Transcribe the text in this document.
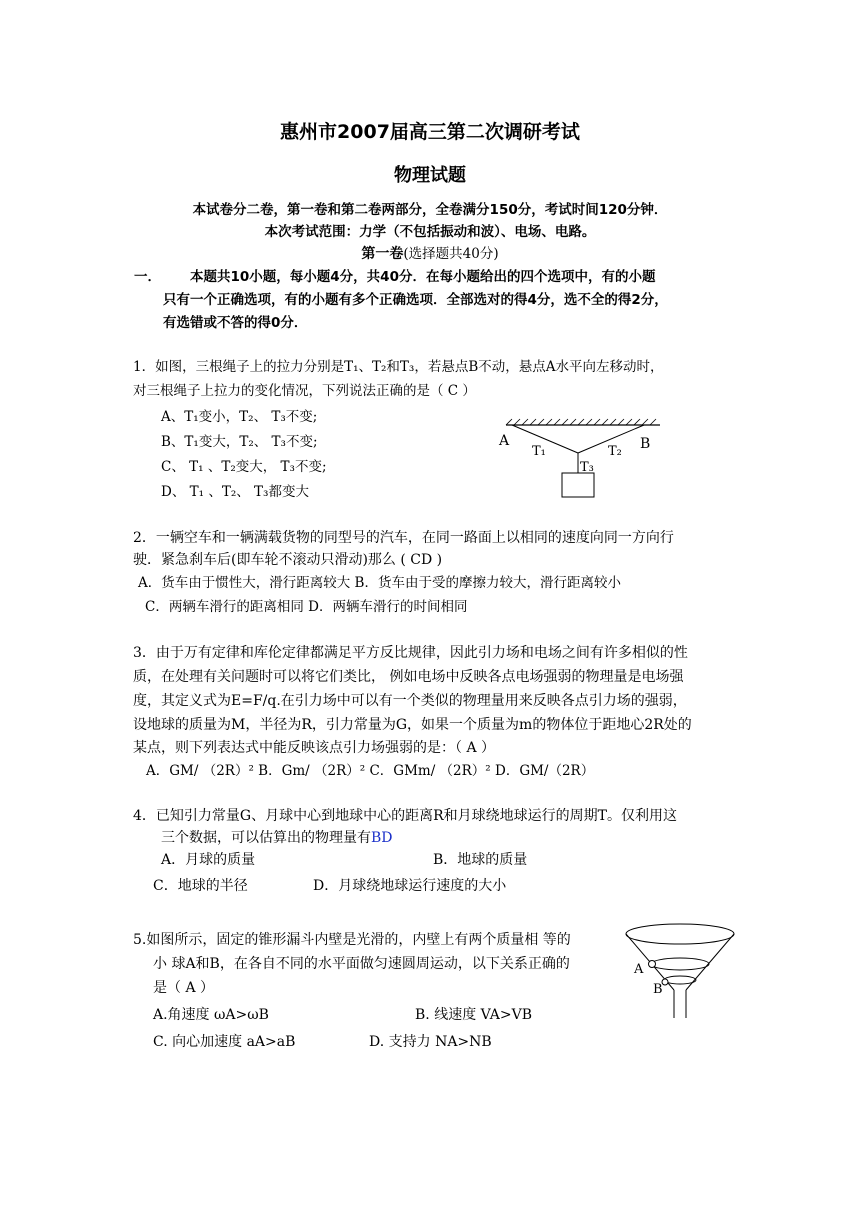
惠州市2007届高三第二次调研考试
物理试题
本试卷分二卷，第一卷和第二卷两部分，全卷满分150分，考试时间120分钟．
本次考试范围：力学（不包括振动和波）、电场、电路。
第一卷(选择题共40分)
一． 本题共10小题，每小题4分，共40分．在每小题给出的四个选项中，有的小题
只有一个正确选项，有的小题有多个正确选项．全部选对的得4分，选不全的得2分，
有选错或不答的得0分．
1．如图，三根绳子上的拉力分别是T₁、T₂和T₃，若悬点B不动，悬点A水平向左移动时，
对三根绳子上拉力的变化情况，下列说法正确的是（ C ）
A、T₁变小，T₂、 T₃不变;
B、T₁变大，T₂、 T₃不变;
C、 T₁ 、T₂变大， T₃不变;
D、 T₁ 、T₂、 T₃都变大
A	B
T₁	T₂
T₃
2．一辆空车和一辆满载货物的同型号的汽车，在同一路面上以相同的速度向同一方向行
驶．紧急刹车后(即车轮不滚动只滑动)那么 ( CD )
A．货车由于惯性大，滑行距离较大 B．货车由于受的摩擦力较大，滑行距离较小
C．两辆车滑行的距离相同 D．两辆车滑行的时间相同
3．由于万有定律和库伦定律都满足平方反比规律，因此引力场和电场之间有许多相似的性
质，在处理有关问题时可以将它们类比， 例如电场中反映各点电场强弱的物理量是电场强
度，其定义式为E=F/q.在引力场中可以有一个类似的物理量用来反映各点引力场的强弱，
设地球的质量为M，半径为R，引力常量为G，如果一个质量为m的物体位于距地心2R处的
某点，则下列表达式中能反映该点引力场强弱的是：（ A ）
A．GM/ （2R）² B．Gm/ （2R）² C．GMm/ （2R）² D．GM/（2R）
4．已知引力常量G、月球中心到地球中心的距离R和月球绕地球运行的周期T。仅利用这
三个数据，可以估算出的物理量有BD
A．月球的质量	B．地球的质量
C．地球的半径	D．月球绕地球运行速度的大小
5.如图所示，固定的锥形漏斗内壁是光滑的，内壁上有两个质量相 等的
小 球A和B，在各自不同的水平面做匀速圆周运动，以下关系正确的
是（ A ）
A.角速度 ωA>ωB	B. 线速度 VA>VB
C. 向心加速度 aA>aB	D. 支持力 NA>NB
A
B
